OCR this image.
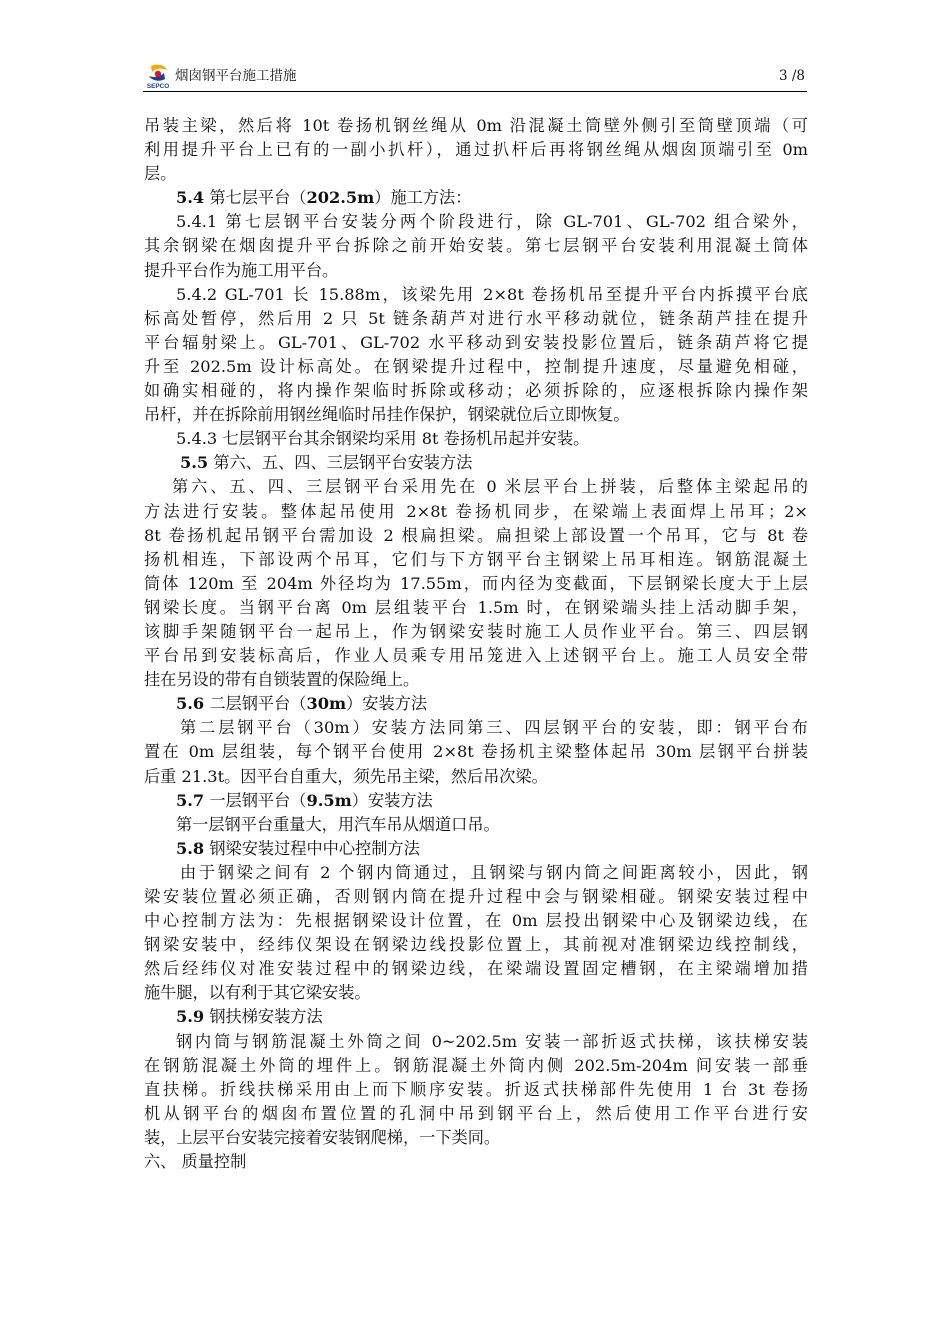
SEPCO
烟囱钢平台施工措施	3 /8
吊装主梁，然后将 10t 卷扬机钢丝绳从 0m 沿混凝土筒壁外侧引至筒壁顶端（可
利用提升平台上已有的一副小扒杆），通过扒杆后再将钢丝绳从烟囱顶端引至 0m
层。
5.4 第七层平台（202.5m）施工方法：
5.4.1 第七层钢平台安装分两个阶段进行，除 GL-701、GL-702 组合梁外，
其余钢梁在烟囱提升平台拆除之前开始安装。第七层钢平台安装利用混凝土筒体
提升平台作为施工用平台。
5.4.2 GL-701 长 15.88m，该梁先用 2×8t 卷扬机吊至提升平台内拆摸平台底
标高处暂停，然后用 2 只 5t 链条葫芦对进行水平移动就位，链条葫芦挂在提升
平台辐射梁上。GL-701、GL-702 水平移动到安装投影位置后，链条葫芦将它提
升至 202.5m 设计标高处。在钢梁提升过程中，控制提升速度，尽量避免相碰，
如确实相碰的，将内操作架临时拆除或移动；必须拆除的，应逐根拆除内操作架
吊杆，并在拆除前用钢丝绳临时吊挂作保护，钢梁就位后立即恢复。
5.4.3 七层钢平台其余钢梁均采用 8t 卷扬机吊起并安装。
5.5 第六、五、四、三层钢平台安装方法
第六、五、四、三层钢平台采用先在 0 米层平台上拼装，后整体主梁起吊的
方法进行安装。整体起吊使用 2×8t 卷扬机同步，在梁端上表面焊上吊耳；2×
8t 卷扬机起吊钢平台需加设 2 根扁担梁。扁担梁上部设置一个吊耳，它与 8t 卷
扬机相连，下部设两个吊耳，它们与下方钢平台主钢梁上吊耳相连。钢筋混凝土
筒体 120m 至 204m 外径均为 17.55m，而内径为变截面，下层钢梁长度大于上层
钢梁长度。当钢平台离 0m 层组装平台 1.5m 时，在钢梁端头挂上活动脚手架，
该脚手架随钢平台一起吊上，作为钢梁安装时施工人员作业平台。第三、四层钢
平台吊到安装标高后，作业人员乘专用吊笼进入上述钢平台上。施工人员安全带
挂在另设的带有自锁装置的保险绳上。
5.6 二层钢平台（30m）安装方法
第二层钢平台（30m）安装方法同第三、四层钢平台的安装，即：钢平台布
置在 0m 层组装，每个钢平台使用 2×8t 卷扬机主梁整体起吊 30m 层钢平台拼装
后重 21.3t。因平台自重大，须先吊主梁，然后吊次梁。
5.7 一层钢平台（9.5m）安装方法
第一层钢平台重量大，用汽车吊从烟道口吊。
5.8 钢梁安装过程中中心控制方法
由于钢梁之间有 2 个钢内筒通过，且钢梁与钢内筒之间距离较小，因此，钢
梁安装位置必须正确，否则钢内筒在提升过程中会与钢梁相碰。钢梁安装过程中
中心控制方法为：先根据钢梁设计位置，在 0m 层投出钢梁中心及钢梁边线，在
钢梁安装中，经纬仪架设在钢梁边线投影位置上，其前视对准钢梁边线控制线，
然后经纬仪对准安装过程中的钢梁边线，在梁端设置固定槽钢，在主梁端增加措
施牛腿，以有利于其它梁安装。
5.9 钢扶梯安装方法
钢内筒与钢筋混凝土外筒之间 0~202.5m 安装一部折返式扶梯，该扶梯安装
在钢筋混凝土外筒的埋件上。钢筋混凝土外筒内侧 202.5m-204m 间安装一部垂
直扶梯。折线扶梯采用由上而下顺序安装。折返式扶梯部件先使用 1 台 3t 卷扬
机从钢平台的烟囱布置位置的孔洞中吊到钢平台上，然后使用工作平台进行安
装，上层平台安装完接着安装钢爬梯，一下类同。
六、 质量控制
